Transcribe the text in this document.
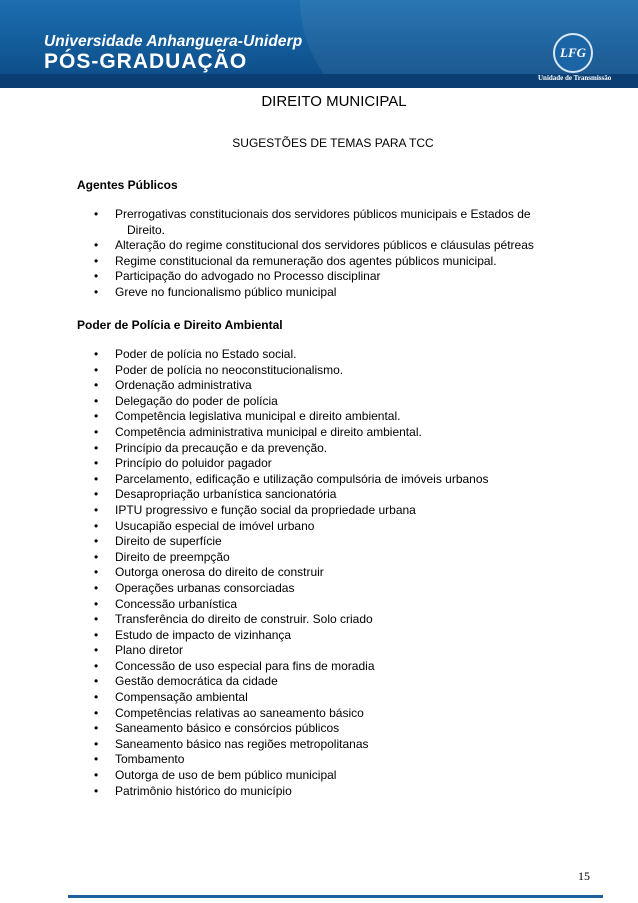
Universidade Anhanguera-Uniderp
PÓS-GRADUAÇÃO	LFG
Unidade de Transmissão
DIREITO MUNICIPAL
SUGESTÕES DE TEMAS PARA TCC
Agentes Públicos
• Prerrogativas constitucionais dos servidores públicos municipais e Estados de
Direito.
• Alteração do regime constitucional dos servidores públicos e cláusulas pétreas
• Regime constitucional da remuneração dos agentes públicos municipal.
• Participação do advogado no Processo disciplinar
• Greve no funcionalismo público municipal
Poder de Polícia e Direito Ambiental
• Poder de polícia no Estado social.
• Poder de polícia no neoconstitucionalismo.
• Ordenação administrativa
• Delegação do poder de polícia
• Competência legislativa municipal e direito ambiental.
• Competência administrativa municipal e direito ambiental.
• Princípio da precaução e da prevenção.
• Princípio do poluidor pagador
• Parcelamento, edificação e utilização compulsória de imóveis urbanos
• Desapropriação urbanística sancionatória
• IPTU progressivo e função social da propriedade urbana
• Usucapião especial de imóvel urbano
• Direito de superfície
• Direito de preempção
• Outorga onerosa do direito de construir
• Operações urbanas consorciadas
• Concessão urbanística
• Transferência do direito de construir. Solo criado
• Estudo de impacto de vizinhança
• Plano diretor
• Concessão de uso especial para fins de moradia
• Gestão democrática da cidade
• Compensação ambiental
• Competências relativas ao saneamento básico
• Saneamento básico e consórcios públicos
• Saneamento básico nas regiões metropolitanas
• Tombamento
• Outorga de uso de bem público municipal
• Patrimônio histórico do município
15
